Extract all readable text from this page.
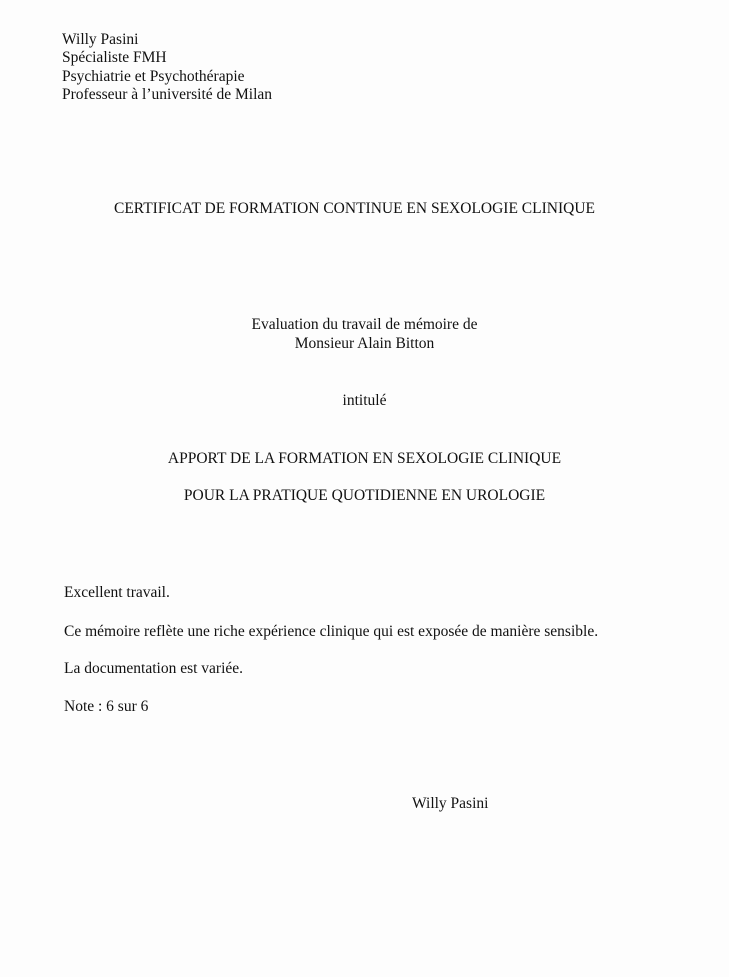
Willy Pasini
Spécialiste FMH
Psychiatrie et Psychothérapie
Professeur à l’université de Milan
CERTIFICAT DE FORMATION CONTINUE EN SEXOLOGIE CLINIQUE
Evaluation du travail de mémoire de
Monsieur Alain Bitton
intitulé
APPORT DE LA FORMATION EN SEXOLOGIE CLINIQUE
POUR LA PRATIQUE QUOTIDIENNE EN UROLOGIE
Excellent travail.
Ce mémoire reflète une riche expérience clinique qui est exposée de manière sensible.
La documentation est variée.
Note : 6 sur 6
Willy Pasini
